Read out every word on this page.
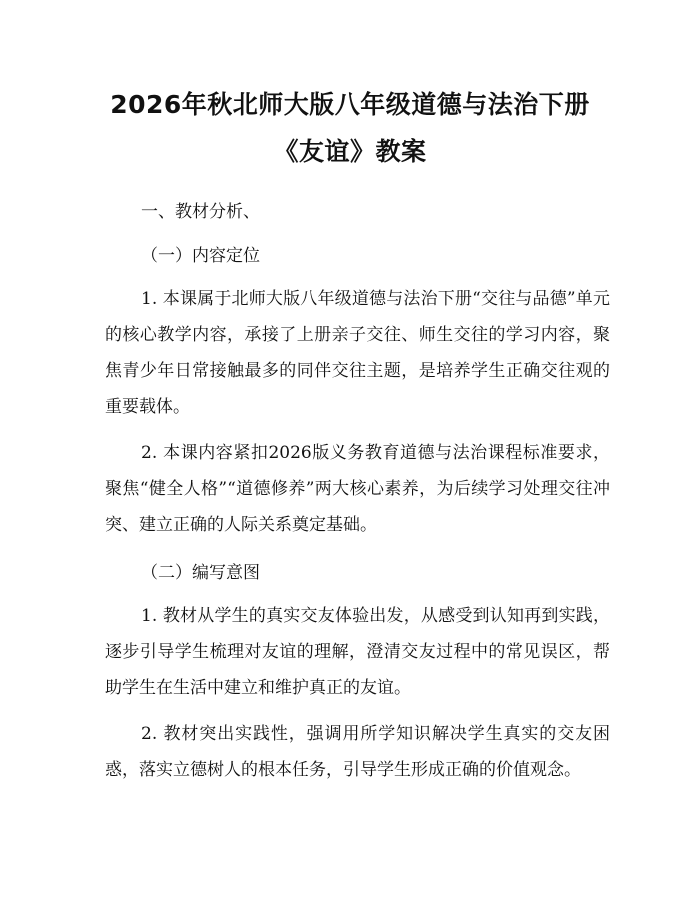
2026年秋北师大版八年级道德与法治下册
《友谊》教案

一、教材分析、

（一）内容定位

1. 本课属于北师大版八年级道德与法治下册“交往与品德”单元的核心教学内容，承接了上册亲子交往、师生交往的学习内容，聚焦青少年日常接触最多的同伴交往主题，是培养学生正确交往观的重要载体。

2. 本课内容紧扣2026版义务教育道德与法治课程标准要求，聚焦“健全人格”“道德修养”两大核心素养，为后续学习处理交往冲突、建立正确的人际关系奠定基础。

（二）编写意图

1. 教材从学生的真实交友体验出发，从感受到认知再到实践，逐步引导学生梳理对友谊的理解，澄清交友过程中的常见误区，帮助学生在生活中建立和维护真正的友谊。

2. 教材突出实践性，强调用所学知识解决学生真实的交友困惑，落实立德树人的根本任务，引导学生形成正确的价值观念。
